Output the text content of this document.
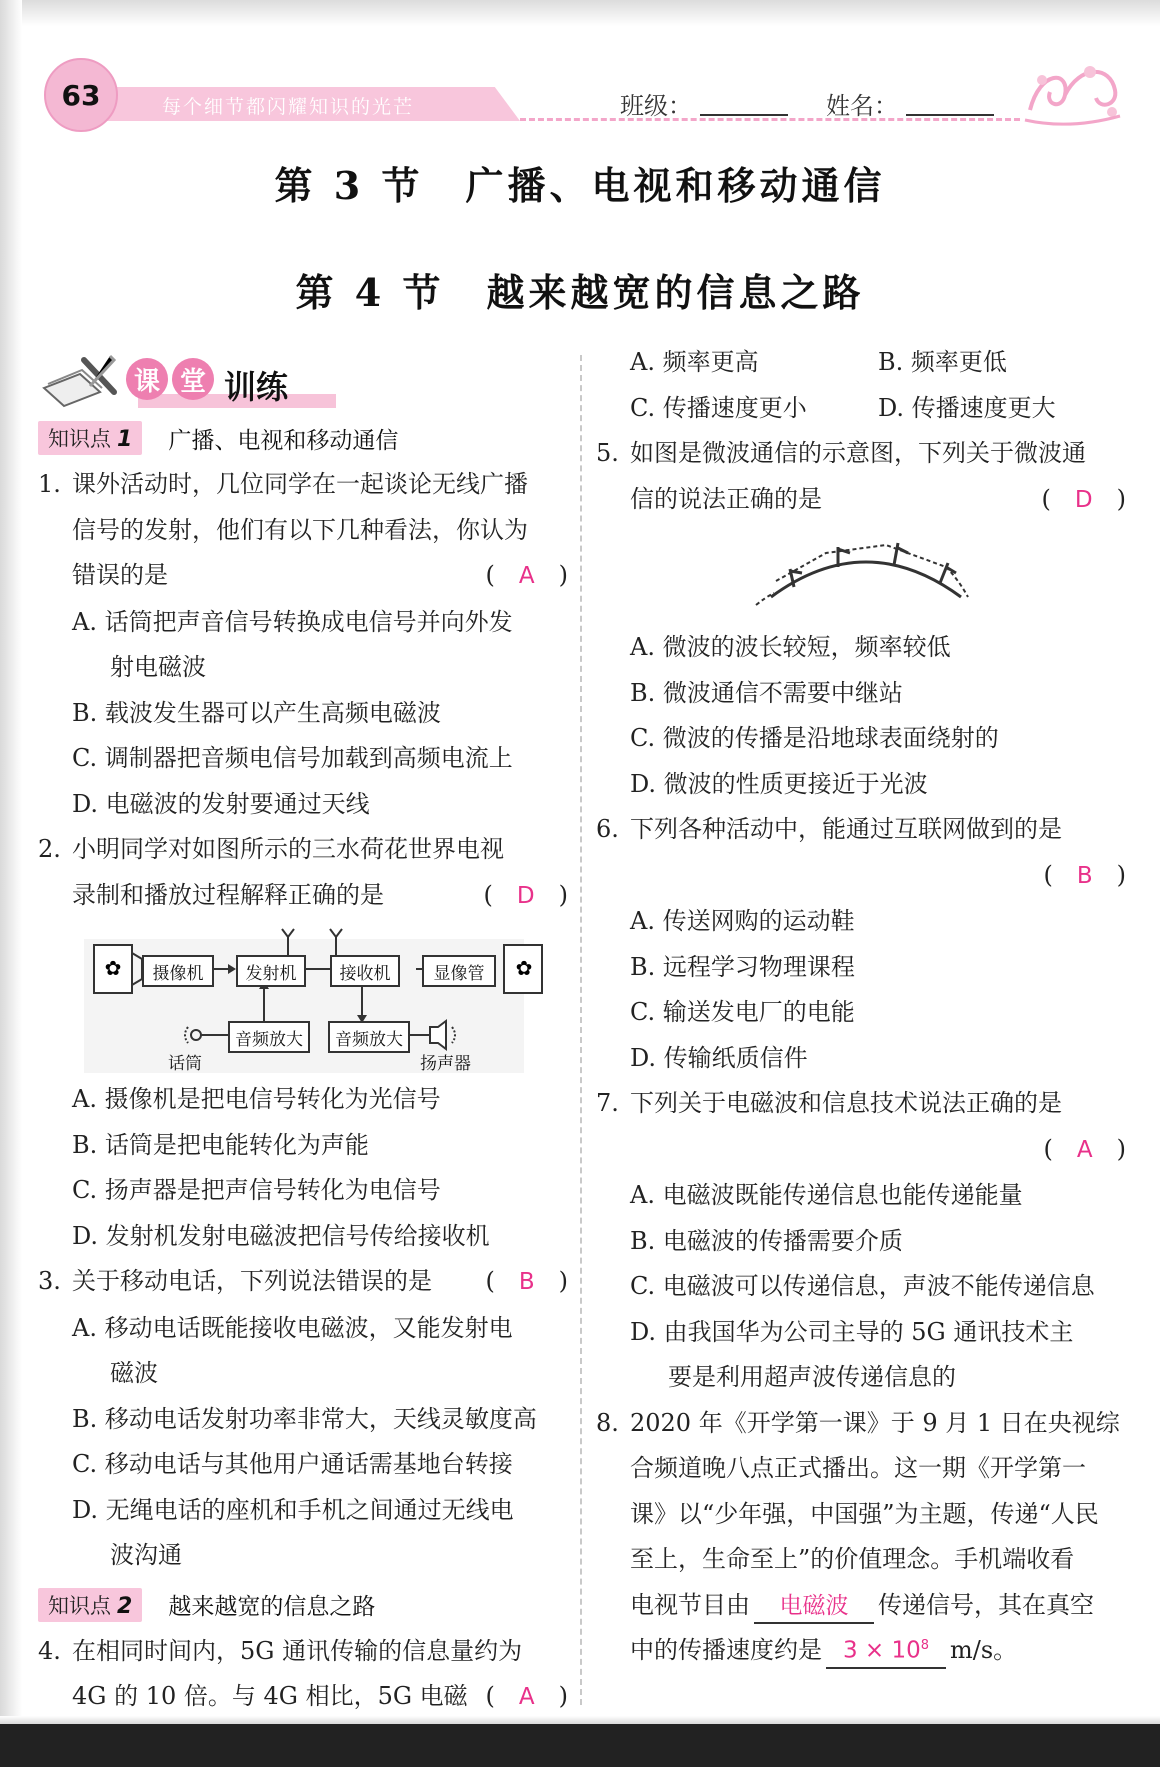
每个细节都闪耀知识的光芒
63	班级：	姓名：
第 3 节　广播、电视和移动通信
第 4 节　越来越宽的信息之路
课 堂 训练
知识点 1	广播、电视和移动通信
1. 课外活动时，几位同学在一起谈论无线广播
信号的发射，他们有以下几种看法，你认为
错误的是	(　A　)
A. 话筒把声音信号转换成电信号并向外发
射电磁波
B. 载波发生器可以产生高频电磁波
C. 调制器把音频电信号加载到高频电流上
D. 电磁波的发射要通过天线
2. 小明同学对如图所示的三水荷花世界电视
录制和播放过程解释正确的是	(　D　)
✿	✿
摄像机	发射机	接收机	显像管
音频放大	音频放大
话筒	扬声器
A. 摄像机是把电信号转化为光信号
B. 话筒是把电能转化为声能
C. 扬声器是把声信号转化为电信号
D. 发射机发射电磁波把信号传给接收机
3. 关于移动电话，下列说法错误的是 (　B　)
A. 移动电话既能接收电磁波，又能发射电
磁波
B. 移动电话发射功率非常大，天线灵敏度高
C. 移动电话与其他用户通话需基地台转接
D. 无绳电话的座机和手机之间通过无线电
波沟通
知识点 2	越来越宽的信息之路
4. 在相同时间内，5G 通讯传输的信息量约为
4G 的 10 倍。与 4G 相比，5G 电磁 (　A　)
A. 频率更高	B. 频率更低
C. 传播速度更小	D. 传播速度更大
5. 如图是微波通信的示意图，下列关于微波通
信的说法正确的是	(　D　)
A. 微波的波长较短，频率较低
B. 微波通信不需要中继站
C. 微波的传播是沿地球表面绕射的
D. 微波的性质更接近于光波
6. 下列各种活动中，能通过互联网做到的是
(　B　)
A. 传送网购的运动鞋
B. 远程学习物理课程
C. 输送发电厂的电能
D. 传输纸质信件
7. 下列关于电磁波和信息技术说法正确的是
(　A　)
A. 电磁波既能传递信息也能传递能量
B. 电磁波的传播需要介质
C. 电磁波可以传递信息，声波不能传递信息
D. 由我国华为公司主导的 5G 通讯技术主
要是利用超声波传递信息的
8. 2020 年《开学第一课》于 9 月 1 日在央视综
合频道晚八点正式播出。这一期《开学第一
课》以“少年强，中国强”为主题，传递“人民
至上，生命至上”的价值理念。手机端收看
电视节目由 电磁波 传递信号，其在真空
中的传播速度约是 $3 \times 10^8$ m/s。
